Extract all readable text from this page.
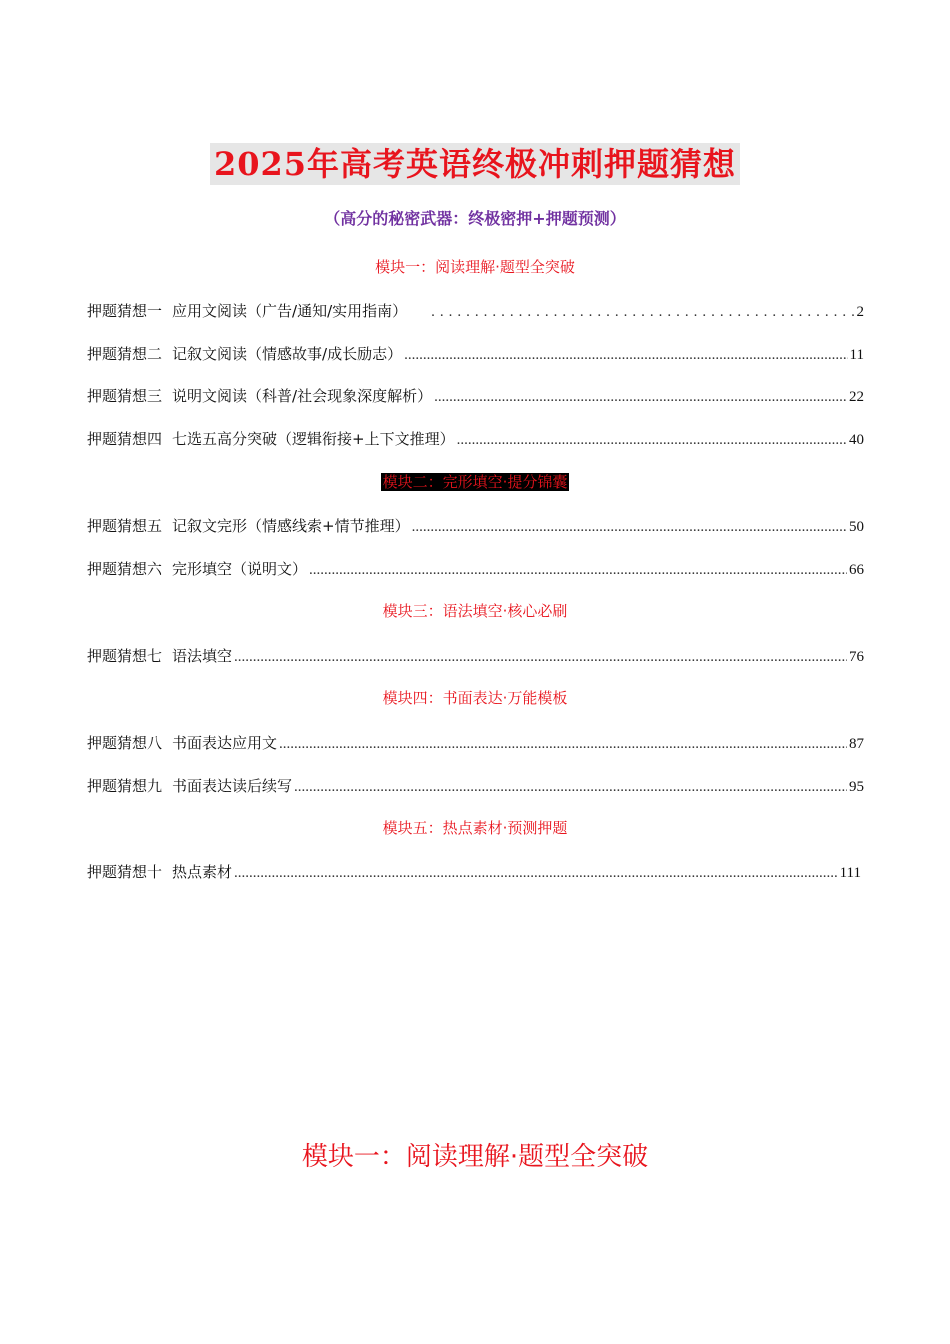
2025年高考英语终极冲刺押题猜想
（高分的秘密武器：终极密押+押题预测）
模块一：阅读理解·题型全突破
押题猜想一 应用文阅读（广告/通知/实用指南） .....	2
押题猜想二 记叙文阅读（情感故事/成长励志） .....	11
押题猜想三 说明文阅读（科普/社会现象深度解析） .....	22
押题猜想四 七选五高分突破（逻辑衔接+上下文推理） .....	40
模块二：完形填空·提分锦囊
押题猜想五 记叙文完形（情感线索+情节推理） .....	50
押题猜想六 完形填空（说明文） .....	66
模块三：语法填空·核心必刷
押题猜想七 语法填空 .....	76
模块四：书面表达·万能模板
押题猜想八 书面表达应用文 .....	87
押题猜想九 书面表达读后续写 .....	95
模块五：热点素材·预测押题
押题猜想十 热点素材 .....	111
模块一：阅读理解·题型全突破
